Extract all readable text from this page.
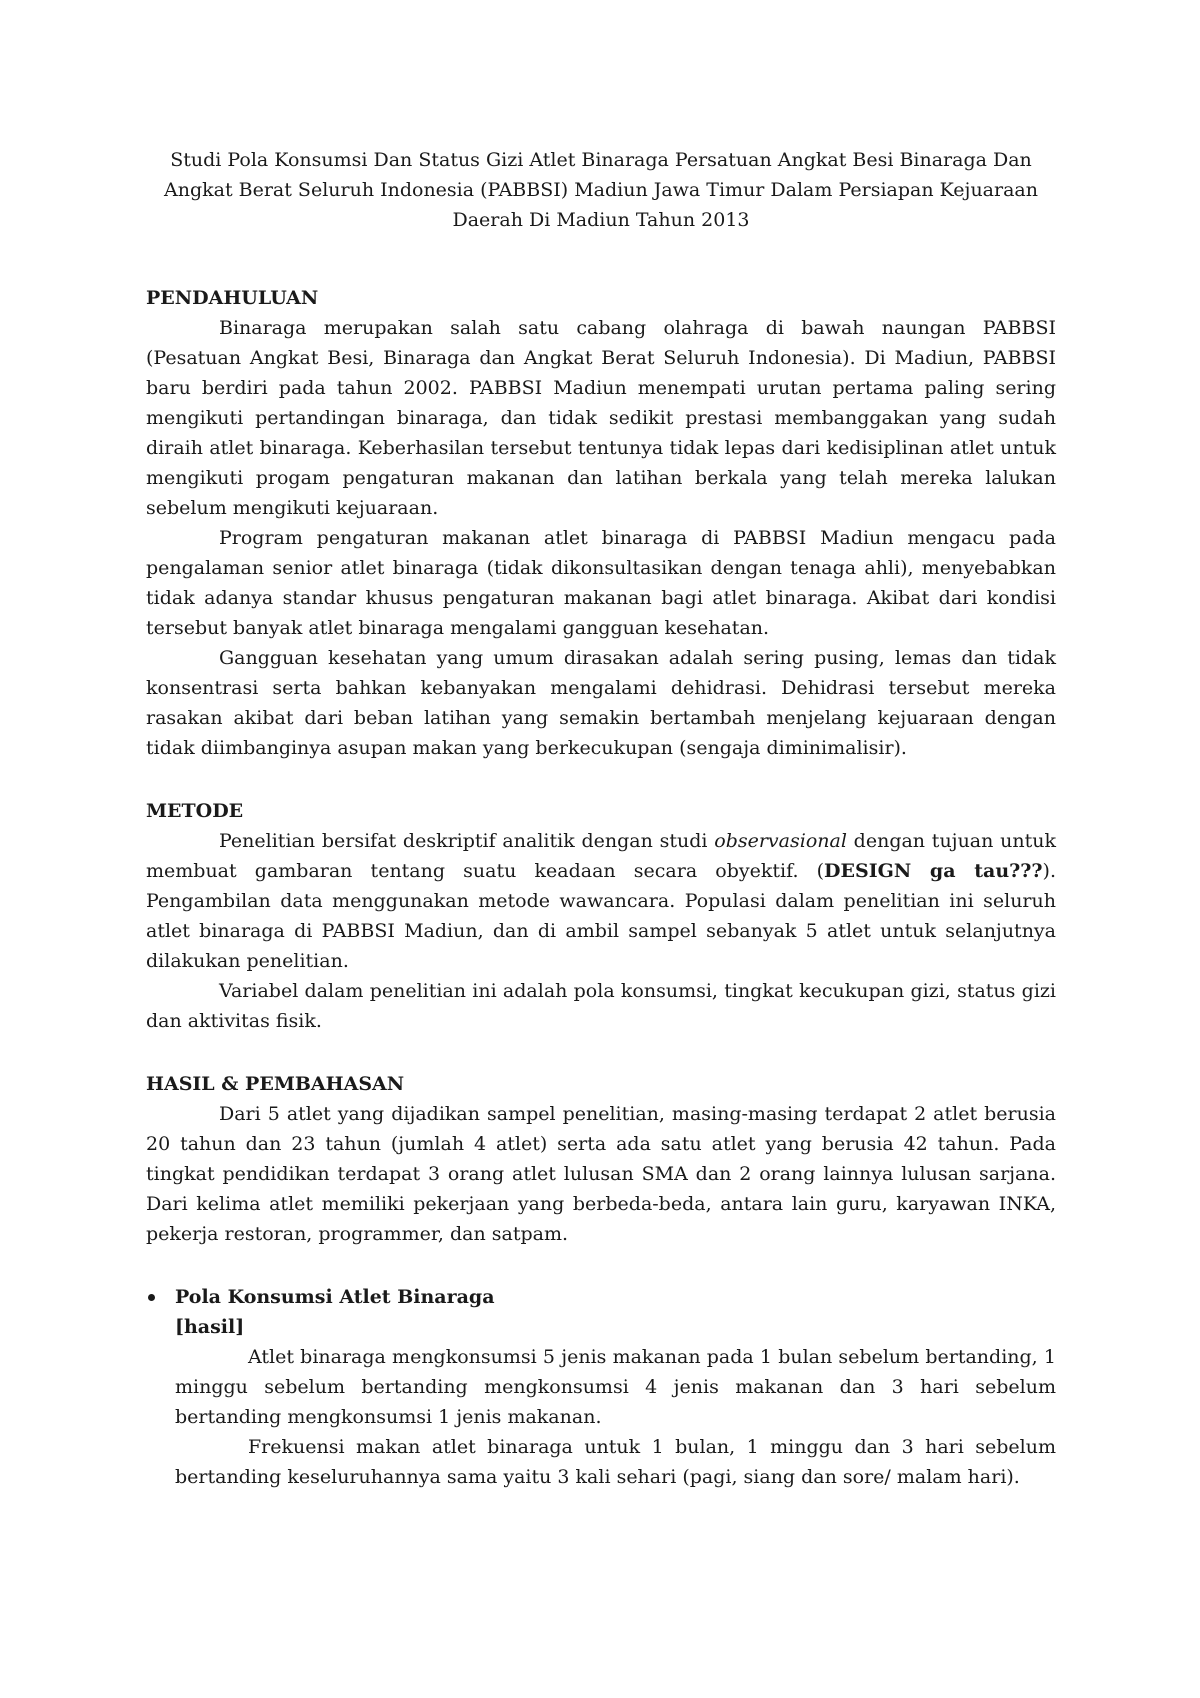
Studi Pola Konsumsi Dan Status Gizi Atlet Binaraga Persatuan Angkat Besi Binaraga Dan Angkat Berat Seluruh Indonesia (PABBSI) Madiun Jawa Timur Dalam Persiapan Kejuaraan Daerah Di Madiun Tahun 2013
PENDAHULUAN

Binaraga merupakan salah satu cabang olahraga di bawah naungan PABBSI (Pesatuan Angkat Besi, Binaraga dan Angkat Berat Seluruh Indonesia). Di Madiun, PABBSI baru berdiri pada tahun 2002. PABBSI Madiun menempati urutan pertama paling sering mengikuti pertandingan binaraga, dan tidak sedikit prestasi membanggakan yang sudah diraih atlet binaraga. Keberhasilan tersebut tentunya tidak lepas dari kedisiplinan atlet untuk mengikuti progam pengaturan makanan dan latihan berkala yang telah mereka lalukan sebelum mengikuti kejuaraan.

Program pengaturan makanan atlet binaraga di PABBSI Madiun mengacu pada pengalaman senior atlet binaraga (tidak dikonsultasikan dengan tenaga ahli), menyebabkan tidak adanya standar khusus pengaturan makanan bagi atlet binaraga. Akibat dari kondisi tersebut banyak atlet binaraga mengalami gangguan kesehatan.

Gangguan kesehatan yang umum dirasakan adalah sering pusing, lemas dan tidak konsentrasi serta bahkan kebanyakan mengalami dehidrasi. Dehidrasi tersebut mereka rasakan akibat dari beban latihan yang semakin bertambah menjelang kejuaraan dengan tidak diimbanginya asupan makan yang berkecukupan (sengaja diminimalisir).

METODE

Penelitian bersifat deskriptif analitik dengan studi observasional dengan tujuan untuk membuat gambaran tentang suatu keadaan secara obyektif. (DESIGN ga tau???). Pengambilan data menggunakan metode wawancara. Populasi dalam penelitian ini seluruh atlet binaraga di PABBSI Madiun, dan di ambil sampel sebanyak 5 atlet untuk selanjutnya dilakukan penelitian.

Variabel dalam penelitian ini adalah pola konsumsi, tingkat kecukupan gizi, status gizi dan aktivitas fisik.

HASIL & PEMBAHASAN

Dari 5 atlet yang dijadikan sampel penelitian, masing-masing terdapat 2 atlet berusia 20 tahun dan 23 tahun (jumlah 4 atlet) serta ada satu atlet yang berusia 42 tahun. Pada tingkat pendidikan terdapat 3 orang atlet lulusan SMA dan 2 orang lainnya lulusan sarjana. Dari kelima atlet memiliki pekerjaan yang berbeda-beda, antara lain guru, karyawan INKA, pekerja restoran, programmer, dan satpam.

Pola Konsumsi Atlet Binaraga
[hasil]

Atlet binaraga mengkonsumsi 5 jenis makanan pada 1 bulan sebelum bertanding, 1 minggu sebelum bertanding mengkonsumsi 4 jenis makanan dan 3 hari sebelum bertanding mengkonsumsi 1 jenis makanan.

Frekuensi makan atlet binaraga untuk 1 bulan, 1 minggu dan 3 hari sebelum bertanding keseluruhannya sama yaitu 3 kali sehari (pagi, siang dan sore/ malam hari).
